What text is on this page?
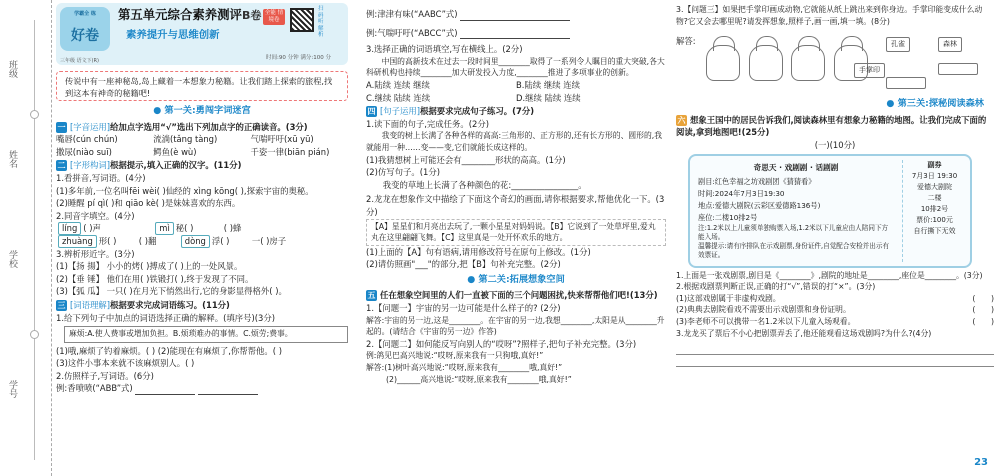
班级
姓名
学校
学号
学霸全 练
好卷
三年级 语文下(R)
第五单元综合素养测评 B卷
素养提升与思维创新
全能 情境卷
扫码听 解析
时间:90 分钟 满分:100 分
传说中有一座神秘岛,岛上藏着一本想象力秘籍。让我们踏上探索的旅程,找到这本有神奇的秘籍吧!
● 第一关:勇闯字词迷宫
一 [字音运用]给加点字选用“√”选出下列加点字的正确读音。(3分)
嘴唇(cún chún)	流淌(tǎng tàng)	气喘吁吁(xū yū)
撒尿(niào suī)	鳄鱼(è wù)	千姿一律(biān pián)
二 [字形构词]根据提示,填入正确的汉字。(11分)
1.看拼音,写词语。(4分)
(1)多年前,一位名叫fēi wèi( )仙经的 xìng kōng( ),探索宇宙的奥秘。
(2)睡醒 pí qì( )和 qiāo kè( )是妹妹喜欢的东西。
2.同音字填空。(4分)
líng ( )声	mì 秘( )	( )蜂
zhuàng 形( )	( )翻	dòng 浮( )	一( )房子
3.辨析形近字。(3分)
(1)【扬 揚】 小小的烤( )搏成了( )上的一处风景。
(2)【垂 锤】 他们在用( )铁锻打( ),终于发现了不同。
(3)【弧 瓜】 一只( )在月光下悄然出行,它的身影显得格外( )。
三 [词语理解]根据要求完成词语练习。(11分)
1.给下列句子中加点的词语选择正确的解释。(填序号)(3分)
麻烦:A.使人费事或增加负担。B.烦琐难办的事情。C.烦劳;费事。
(1)哦,麻烦了钓着麻烦。( ) (2)能现在有麻烦了,你帮帮他。( )
(3)这件小事本来就不该麻烦别人。( )
2.仿照样子,写词语。(6分)
例:香喷喷(“ABB”式)
例:津津有味(“AABC”式)
例:气喘吁吁(“ABCC”式)
3.选择正确的词语填空,写在横线上。(2分)
中国的高新技术在过去一段时间里________取得了一系列令人瞩目的重大突破,各大科研机构也持续________加大研发投入力度,________推进了多项事业的创新。
A.陆续 连续 继续	B.陆续 继续 连续
C.继续 陆续 连续	D.继续 陆续 连续
四 [句子运用]根据要求完成句子练习。(7分)
1.读下面的句子,完成任务。(2分)
我变的树上长满了各种各样的高高:三角形的、正方形的,还有长方形的、圆形的,我就能用一种……变——变,它们就能长成这样的。
(1)我猜想树上可能还会有________形状的高高。(1分)
(2)仿写句子。(1分)
我变的草地上长满了各种颜色的花:________________。
2.龙龙在想象作文中描绘了下面这个奇幻的画面,请你根据要求,帮他优化一下。(3分)
【A】星星们和月亮出去玩了,一颗小星星对妈妈说。【B】它说到了一处草坪里,爱丸丸在这里翩翩飞舞。【C】这里真是一处开怀欢乐的地方。
(1)上面的【A】句有语病,请用修改符号在原句上修改。(1分)
(2)请仿照画"___"的部分,把【B】句补充完整。(2分)
● 第二关:拓展想象空间
五 任在想象空间里的人们一直被下面的三个问题困扰,快来帮帮他们吧!(13分)
1.【问题一】宇宙的另一边可能是什么样子的? (2分)
解答:宇宙的另一边,这是________。在宇宙的另一边,我想________,太阳是从________升起的。(请结合《宇宙的另一边》作答)
2.【问题二】如何能反写向别人的“哎呀”?照样子,把句子补充完整。(3分)
例:鸽见巴高兴地说:“哎呀,原来我有一只狗哦,真好!”
解答:(1)树叶高兴地说:“哎呀,原来我有________哦,真好!”
(2)______高兴地说:“哎呀,原来我有________哦,真好!”
3.【问题三】如果把手掌印画成动物,它就能从纸上跳出来到你身边。手掌印能变成什么动物?它又会去哪里呢?请发挥想象,照样子,画一画,填一填。(8分)
解答:
	孔雀	森林
手掌印
● 第三关:探秘阅读森林
六 想象王国中的居民告诉我们,阅读森林里有想象力秘籍的地图。让我们完成下面的阅读,拿到地图吧!(25分)
(一)(10分)
奇思天 · 戏剧剧 · 话剧剧
剧目:红色幸福之坊戏剧团《猜猜看》
时间:2024年7月3日19:30
地点:爱德大剧院(云彩区爱德路136号)
座位:二楼10排2号
注:1.2米以上儿童须单独购票入场,1.2米以下儿童应由人陪同下方能入场。
温馨提示:请有序排队在示戏剧票,身份证件,自觉配合安检并出示有效票证。
副券
7月3日 19:30
爱德大剧院
二楼
10排2号
票价:100元
自行撕下无效
1.上面是一张戏剧票,剧目是《________》,剧院的地址是________,座位是________。(3分)
2.根据戏剧票判断正误,正确的打“√”,错误的打“×”。(3分)
(1)这部戏剧属于非虚构戏剧。	(  )
(2)典典去剧院看戏不需要出示戏剧票和身份证明。	(  )
(3)李老师不可以携带一名1.2米以下儿童入场观看。	(  )
3.龙龙买了票后不小心把剧票弄丢了,他还能观看这场戏剧吗?为什么?(4分)
23
